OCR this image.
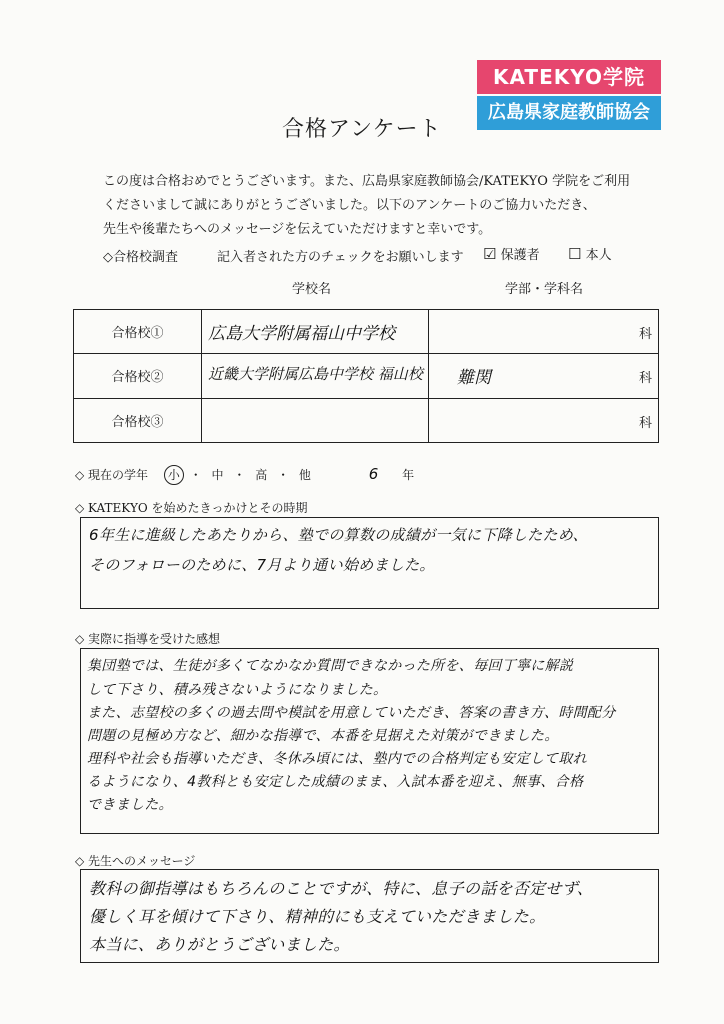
KATEKYO学院
広島県家庭教師協会
合格アンケート
この度は合格おめでとうございます。また、広島県家庭教師協会/KATEKYO 学院をご利用
くださいまして誠にありがとうございました。以下のアンケートのご協力いただき、
先生や後輩たちへのメッセージを伝えていただけますと幸いです。
◇合格校調査	記入者された方のチェックをお願いします ☑ 保護者 ☐ 本人
学校名	学部・学科名
合格校①	広島大学附属福山中学校	科

合格校②	近畿大学附属広島中学校 福山校	難関 科

合格校③		科
◇ 現在の学年 小 ・ 中 ・ 高 ・ 他	6 年
◇ KATEKYO を始めたきっかけとその時期
6年生に進級したあたりから、塾での算数の成績が一気に下降したため、
そのフォローのために、7月より通い始めました。
◇ 実際に指導を受けた感想
集団塾では、生徒が多くてなかなか質問できなかった所を、毎回丁寧に解説
して下さり、積み残さないようになりました。
また、志望校の多くの過去問や模試を用意していただき、答案の書き方、時間配分
問題の見極め方など、細かな指導で、本番を見据えた対策ができました。
理科や社会も指導いただき、冬休み頃には、塾内での合格判定も安定して取れ
るようになり、4教科とも安定した成績のまま、入試本番を迎え、無事、合格
できました。
◇ 先生へのメッセージ
教科の御指導はもちろんのことですが、特に、息子の話を否定せず、
優しく耳を傾けて下さり、精神的にも支えていただきました。
本当に、ありがとうございました。
